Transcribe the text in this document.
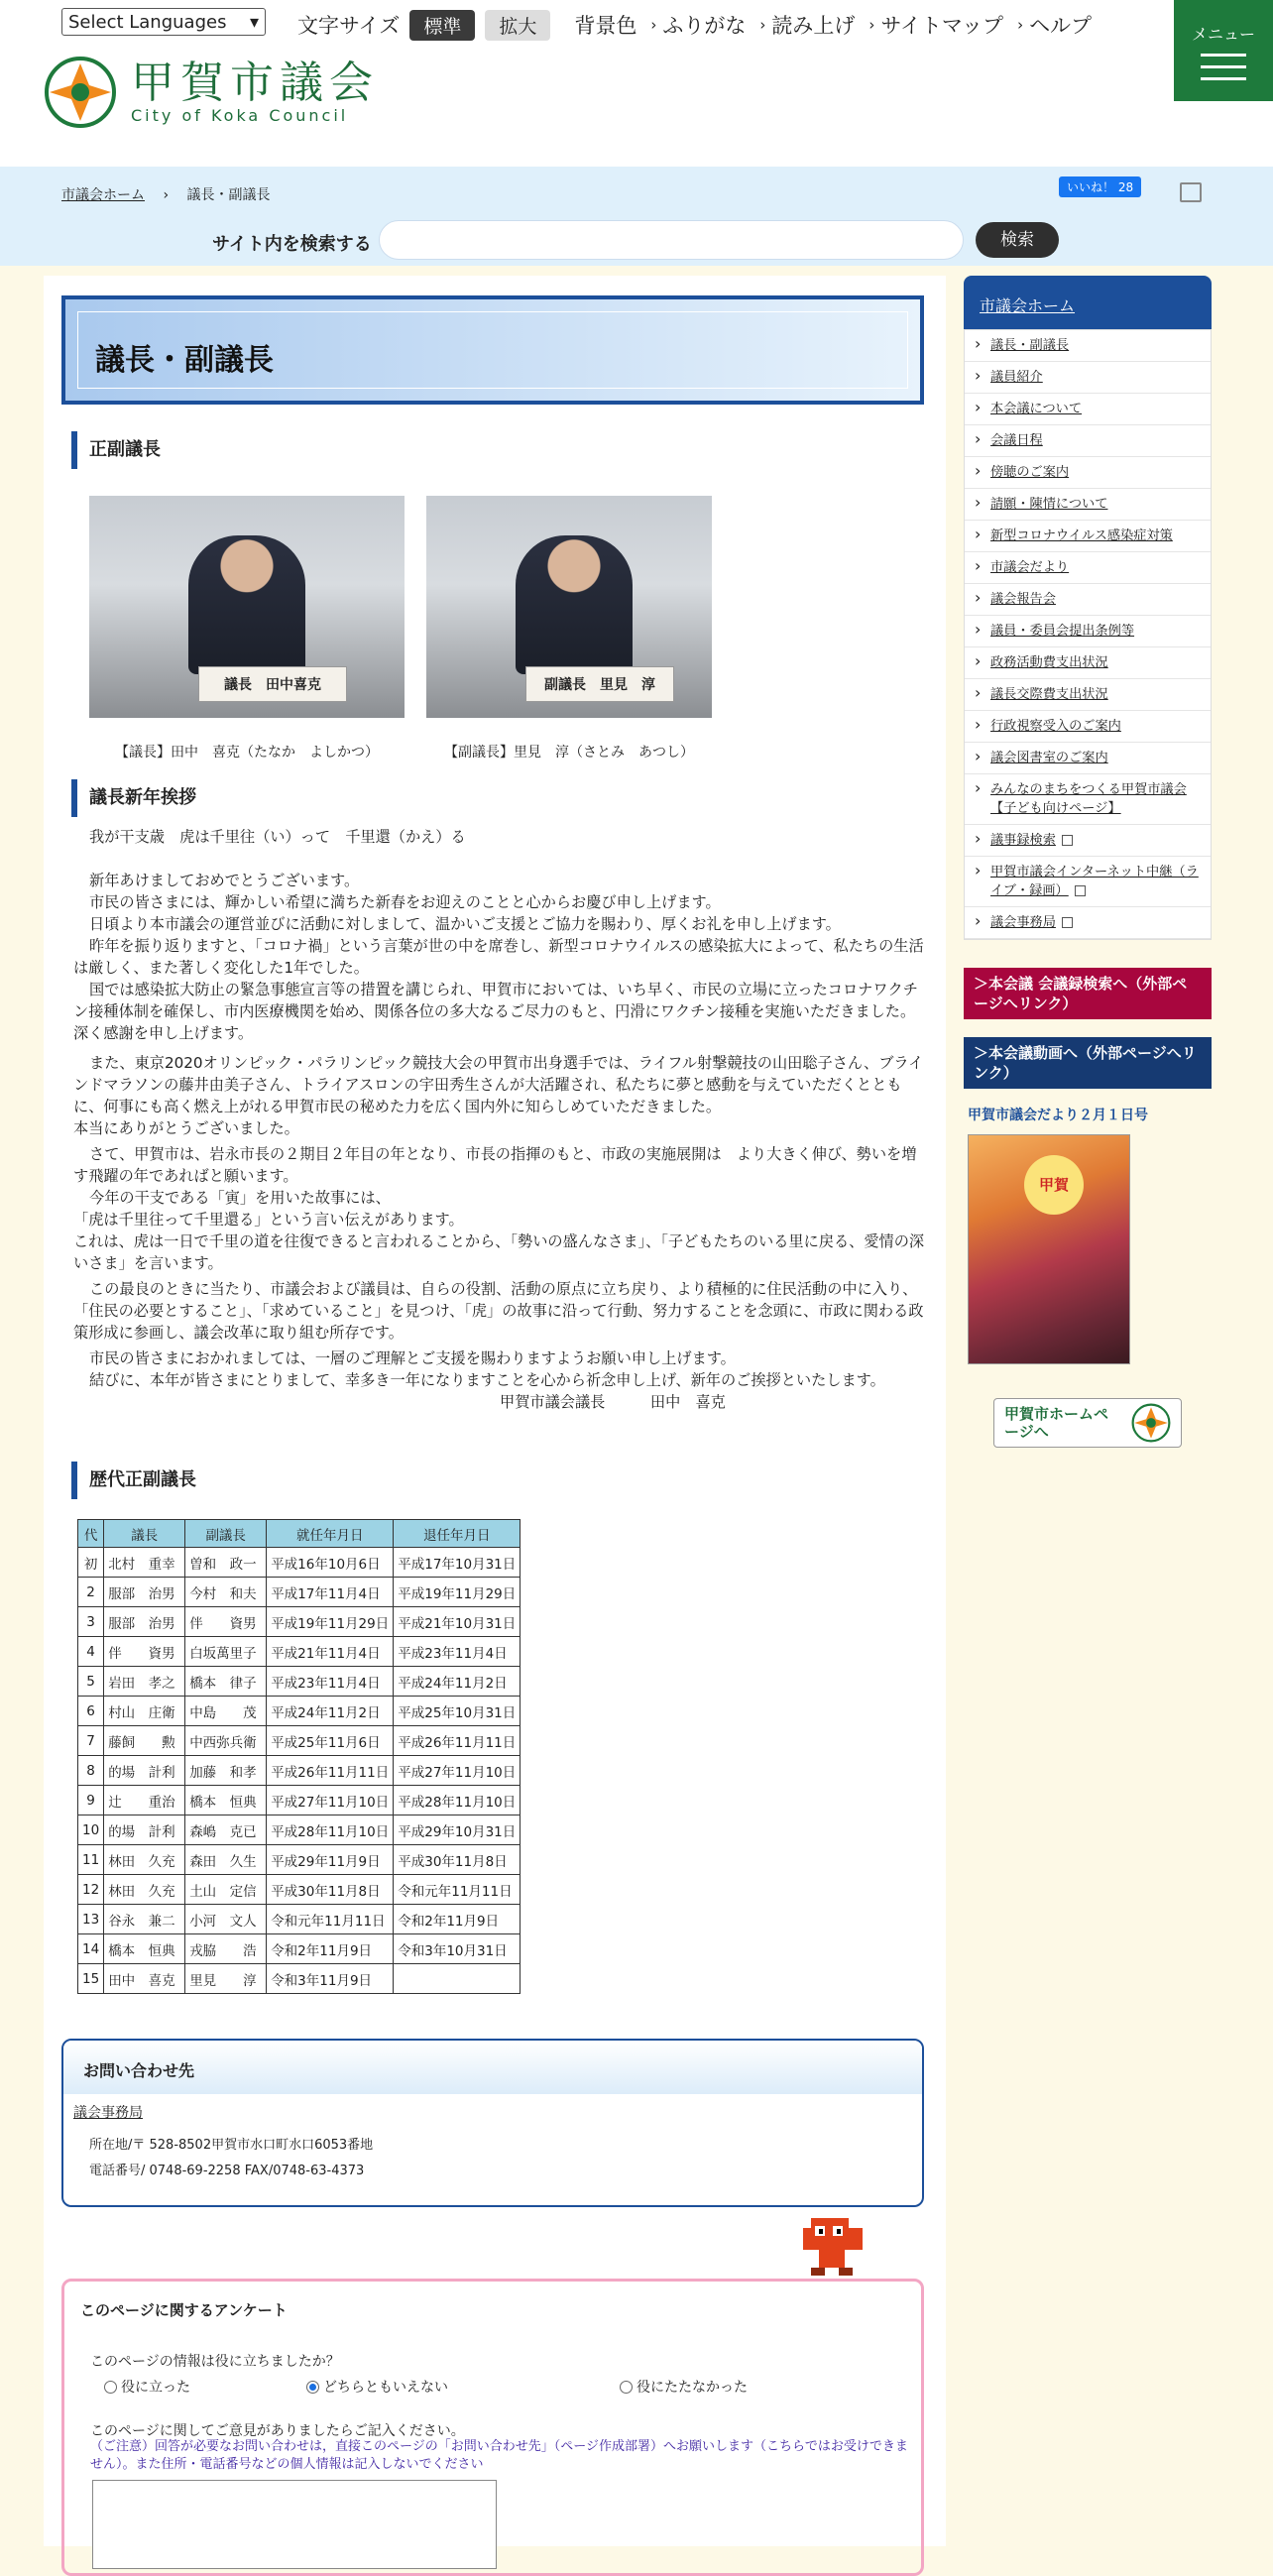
Select Languages ▾ 文字サイズ	標準	拡大	背景色 › ふりがな › 読み上げ › サイトマップ › ヘルプ	メニュー
甲賀市議会
City of Koka Council
市議会ホーム 　›　 議長・副議長	いいね！ 28
サイト内を検索する	検索
議長・副議長
正副議長
議長　田中喜克	副議長　里見　淳
【議長】田中　喜克（たなか　よしかつ）	【副議長】里見　淳（さとみ　あつし）
議長新年挨拶

我が干支歳　虎は千里往（い）って　千里還（かえ）る

新年あけましておめでとうございます。

市民の皆さまには、輝かしい希望に満ちた新春をお迎えのことと心からお慶び申し上げます。

日頃より本市議会の運営並びに活動に対しまして、温かいご支援とご協力を賜わり、厚くお礼を申し上げます。

昨年を振り返りますと、「コロナ禍」という言葉が世の中を席巻し、新型コロナウイルスの感染拡大によって、私たちの生活は厳しく、また著しく変化した1年でした。

国では感染拡大防止の緊急事態宣言等の措置を講じられ、甲賀市においては、いち早く、市民の立場に立ったコロナワクチン接種体制を確保し、市内医療機関を始め、関係各位の多大なるご尽力のもと、円滑にワクチン接種を実施いただきました。深く感謝を申し上げます。

また、東京2020オリンピック・パラリンピック競技大会の甲賀市出身選手では、ライフル射撃競技の山田聡子さん、ブラインドマラソンの藤井由美子さん、トライアスロンの宇田秀生さんが大活躍され、私たちに夢と感動を与えていただくとともに、何事にも高く燃え上がれる甲賀市民の秘めた力を広く国内外に知らしめていただきました。

本当にありがとうございました。

さて、甲賀市は、岩永市長の２期目２年目の年となり、市長の指揮のもと、市政の実施展開は　より大きく伸び、勢いを増す飛躍の年であればと願います。

今年の干支である「寅」を用いた故事には、

「虎は千里往って千里還る」という言い伝えがあります。

これは、虎は一日で千里の道を往復できると言われることから、「勢いの盛んなさま」、「子どもたちのいる里に戻る、愛情の深いさま」を言います。

この最良のときに当たり、市議会および議員は、自らの役割、活動の原点に立ち戻り、より積極的に住民活動の中に入り、　「住民の必要とすること」、「求めていること」を見つけ、「虎」の故事に沿って行動、努力することを念頭に、市政に関わる政策形成に参画し、議会改革に取り組む所存です。

市民の皆さまにおかれましては、一層のご理解とご支援を賜わりますようお願い申し上げます。

結びに、本年が皆さまにとりまして、幸多き一年になりますことを心から祈念申し上げ、新年のご挨拶といたします。

甲賀市議会議長　　　田中　喜克

歴代正副議長
代	議長	副議長	就任年月日	退任年月日
初	北村　重幸	曽和　政一	平成16年10月6日	平成17年10月31日
2	服部　治男	今村　和夫	平成17年11月4日	平成19年11月29日
3	服部　治男	伴　　資男	平成19年11月29日	平成21年10月31日
4	伴　　資男	白坂萬里子	平成21年11月4日	平成23年11月4日
5	岩田　孝之	橋本　律子	平成23年11月4日	平成24年11月2日
6	村山　庄衛	中島　　茂	平成24年11月2日	平成25年10月31日
7	藤飼　　勲	中西弥兵衛	平成25年11月6日	平成26年11月11日
8	的場　計利	加藤　和孝	平成26年11月11日	平成27年11月10日
9	辻　　重治	橋本　恒典	平成27年11月10日	平成28年11月10日
10	的場　計利	森嶋　克已	平成28年11月10日	平成29年10月31日
11	林田　久充	森田　久生	平成29年11月9日	平成30年11月8日
12	林田　久充	土山　定信	平成30年11月8日	令和元年11月11日
13	谷永　兼二	小河　文人	令和元年11月11日	令和2年11月9日
14	橋本　恒典	戎脇　　浩	令和2年11月9日	令和3年10月31日
15	田中　喜克	里見　　淳	令和3年11月9日	
お問い合わせ先
議会事務局
所在地/〒 528-8502甲賀市水口町水口6053番地
電話番号/ 0748-69-2258 FAX/0748-63-4373
このページに関するアンケート
このページの情報は役に立ちましたか？
役に立った	どちらともいえない	役にたたなかった
このページに関してご意見がありましたらご記入ください。
（ご注意）回答が必要なお問い合わせは，直接このページの「お問い合わせ先」（ページ作成部署）へお願いします（こちらではお受けできません）。また住所・電話番号などの個人情報は記入しないでください
市議会ホーム
› 議長・副議長
› 議員紹介
› 本会議について
› 会議日程
› 傍聴のご案内
› 請願・陳情について
› 新型コロナウイルス感染症対策
› 市議会だより
› 議会報告会
› 議員・委員会提出条例等
› 政務活動費支出状況
› 議長交際費支出状況
› 行政視察受入のご案内
› 議会図書室のご案内
› みんなのまちをつくる甲賀市議会【子ども向けページ】
› 議事録検索
› 甲賀市議会インターネット中継（ライブ・録画）
› 議会事務局
＞本会議 会議録検索へ（外部ページへリンク）
＞本会議動画へ（外部ページへリンク）
甲賀市議会だより２月１日号
甲賀
甲賀市ホームページへ
